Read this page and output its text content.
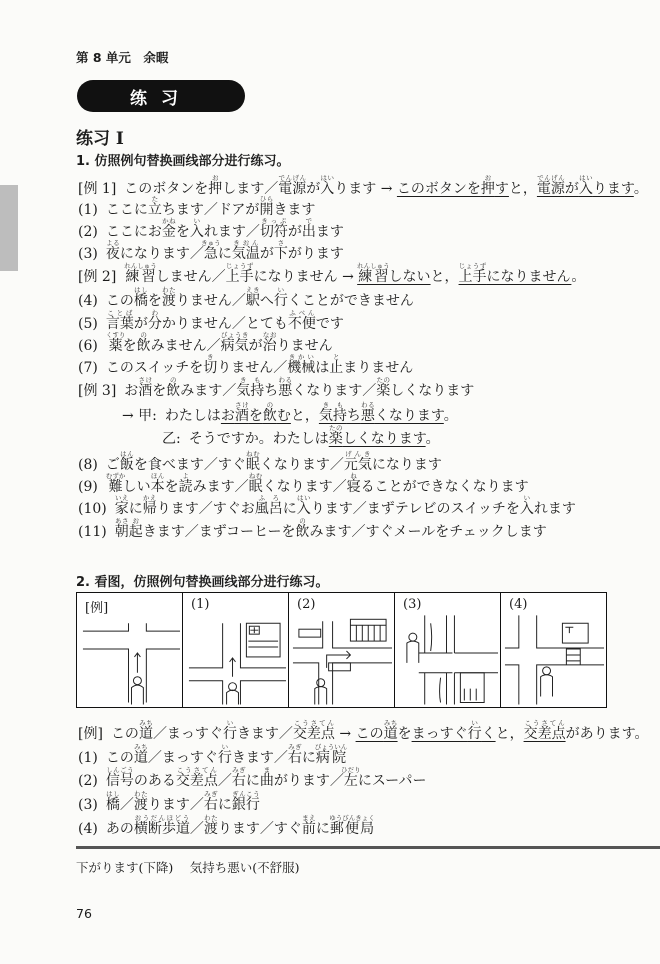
第 8 单元　余暇
练习
练习 I
1. 仿照例句替换画线部分进行练习。
[例 1] このボタンを押おします／電源でんげんが入はいります → このボタンを押おすと，電源でんげんが入はいります。
(1) ここに立たちます／ドアが開ひらきます
(2) ここにお金かねを入いれます／切符きっぷが出でます
(3) 夜よるになります／急きゅうに気温きおんが下さがります
[例 2] 練習れんしゅうしません／上手じょうずになりません → 練習れんしゅうしないと，上手じょうずになりません。
(4) この橋はしを渡わたりません／駅えきへ行いくことができません
(5) 言葉ことばが分わかりません／とても不便ふべんです
(6) 薬くすりを飲のみません／病気びょうきが治なおりません
(7) このスイッチを切きりません／機械きかいは止とまりません
[例 3] お酒さけを飲のみます／気持きもち悪わるくなります／楽たのしくなります
→ 甲: わたしはお酒さけを飲のむと，気持きもち悪わるくなります。
乙: そうですか。わたしは楽たのしくなります。
(8) ご飯はんを食べます／すぐ眠ねむくなります／元気げんきになります
(9) 難むずかしい本ほんを読よみます／眠ねむくなります／寝ねることができなくなります
(10) 家いえに帰かえります／すぐお風呂ふろに入はいります／まずテレビのスイッチを入いれます
(11) 朝あさ起おきます／まずコーヒーを飲のみます／すぐメールをチェックします
2. 看图，仿照例句替换画线部分进行练习。
[例]	(1)	(2)	(3)	(4)
[例] この道みち／まっすぐ行いきます／交差点こうさてん → この道みちをまっすぐ行いくと，交差点こうさてんがあります。
(1) この道みち／まっすぐ行いきます／右みぎに病院びょういん
(2) 信号しんごうのある交差点こうさてん／右みぎに曲まがります／左ひだりにスーパー
(3) 橋はし／渡わたります／右みぎに銀行ぎんこう
(4) あの横断歩道おうだんほどう／渡わたります／すぐ前まえに郵便局ゆうびんきょく
下がります(下降)　 気持ち悪い(不舒服)
76
